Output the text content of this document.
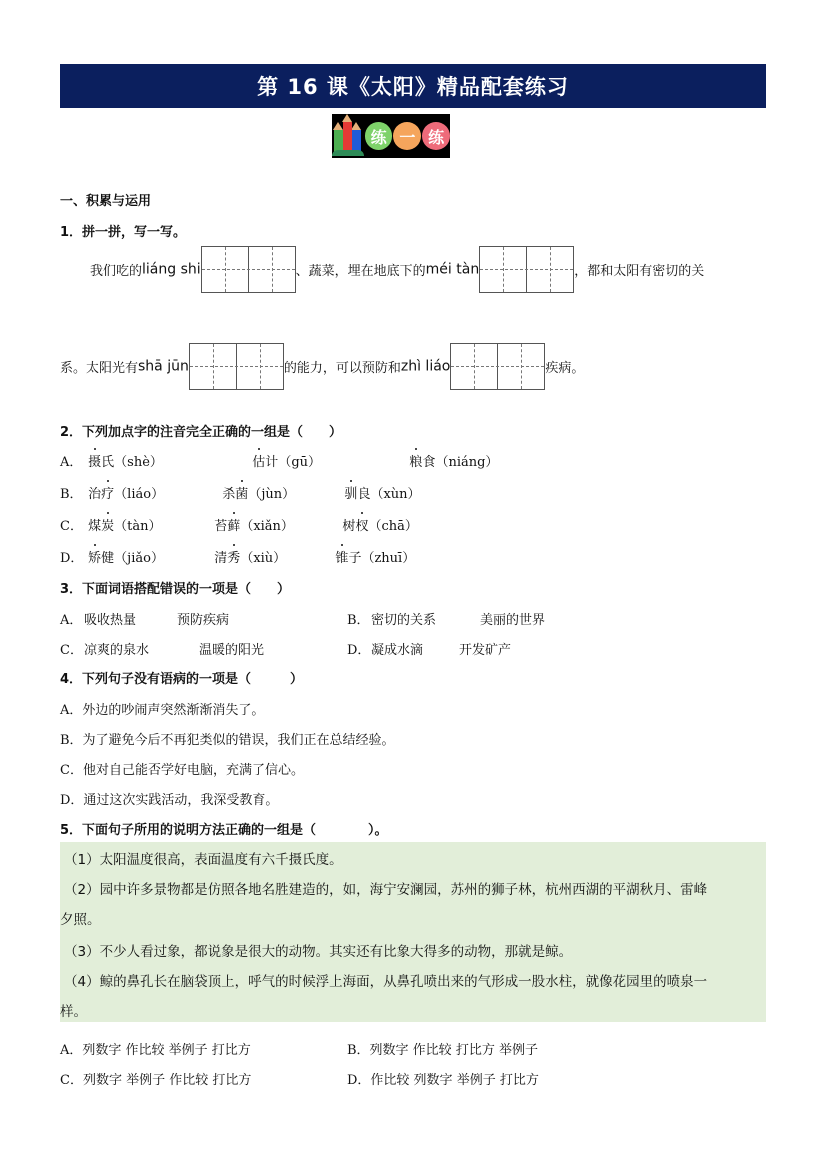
第 16 课《太阳》精品配套练习
练 一 练
一、积累与运用
1．拼一拼，写一写。
我们吃的liáng shi	、蔬菜，埋在地底下的méi tàn	，都和太阳有密切的关
系。太阳光有shā jūn	的能力，可以预防和zhì liáo	疾病。
2．下列加点字的注音完全正确的一组是（　　）
A． 摄氏（shè）	估计（gū）	粮食（niáng）
B． 治疗（liáo）	杀菌（jùn）	驯良（xùn）
C． 煤炭（tàn）	苔藓（xiǎn）	树杈（chā）
D． 矫健（jiǎo）	清秀（xiù）	锥子（zhuī）
3．下面词语搭配错误的一项是（　　）
A． 吸收热量	预防疾病	B．密切的关系	美丽的世界
C．凉爽的泉水	温暖的阳光	D．凝成水滴	开发矿产
4．下列句子没有语病的一项是（　　　）
A．外边的吵闹声突然渐渐消失了。
B．为了避免今后不再犯类似的错误，我们正在总结经验。
C．他对自己能否学好电脑，充满了信心。
D．通过这次实践活动，我深受教育。
5．下面句子所用的说明方法正确的一组是（　　　　）。
（1）太阳温度很高，表面温度有六千摄氏度。
（2）园中许多景物都是仿照各地名胜建造的，如，海宁安澜园，苏州的狮子林，杭州西湖的平湖秋月、雷峰
夕照。
（3）不少人看过象，都说象是很大的动物。其实还有比象大得多的动物，那就是鲸。
（4）鲸的鼻孔长在脑袋顶上，呼气的时候浮上海面，从鼻孔喷出来的气形成一股水柱，就像花园里的喷泉一
样。
A．列数字 作比较 举例子 打比方	B．列数字 作比较 打比方 举例子
C．列数字 举例子 作比较 打比方	D．作比较 列数字 举例子 打比方
